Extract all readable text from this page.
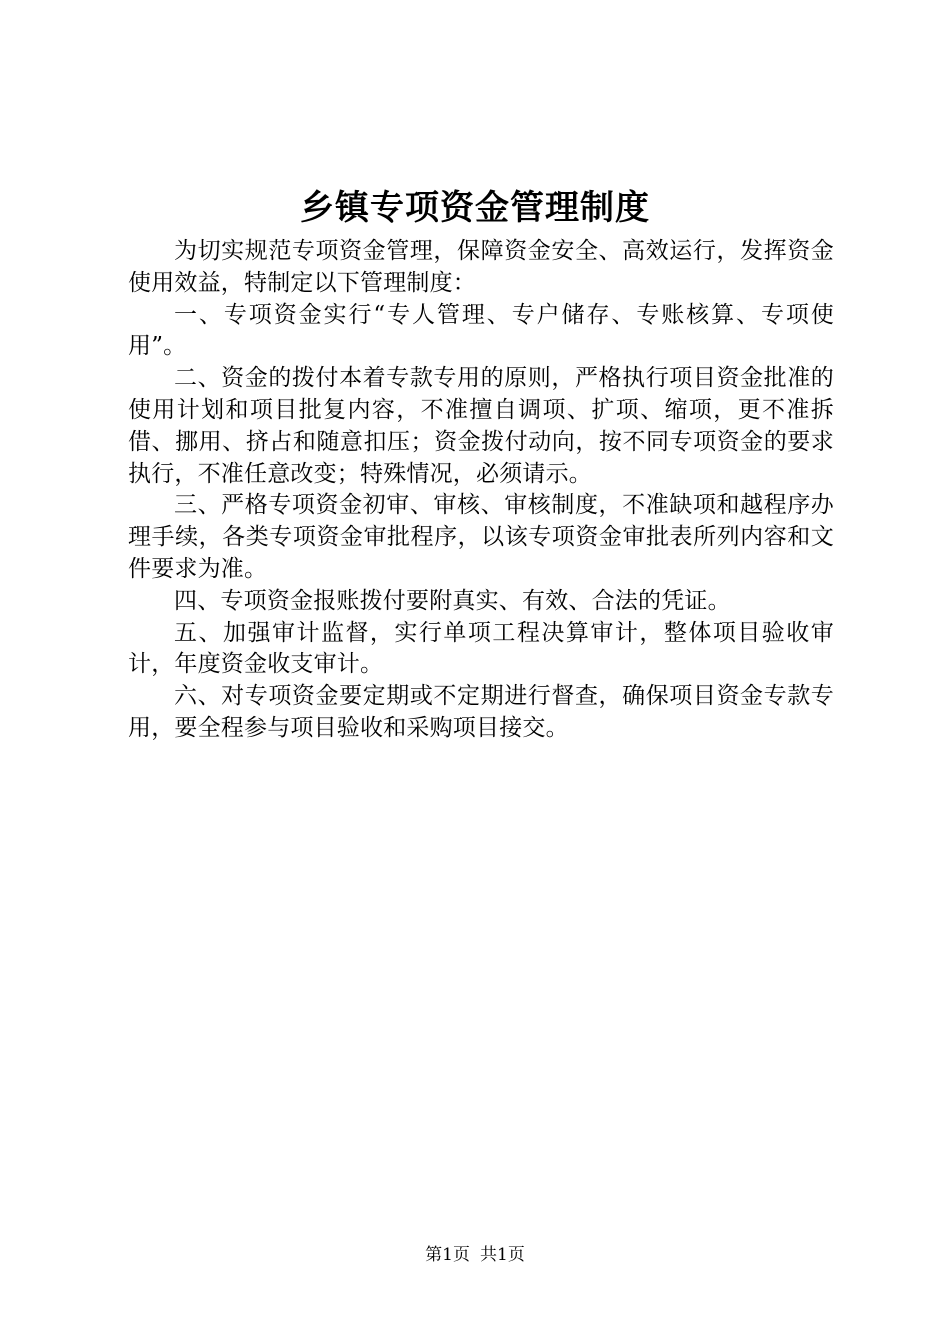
乡镇专项资金管理制度

为切实规范专项资金管理，保障资金安全、高效运行，发挥资金使用效益，特制定以下管理制度：

一、专项资金实行“专人管理、专户储存、专账核算、专项使用”。

二、资金的拨付本着专款专用的原则，严格执行项目资金批准的使用计划和项目批复内容，不准擅自调项、扩项、缩项，更不准拆借、挪用、挤占和随意扣压；资金拨付动向，按不同专项资金的要求执行，不准任意改变；特殊情况，必须请示。

三、严格专项资金初审、审核、审核制度，不准缺项和越程序办理手续，各类专项资金审批程序，以该专项资金审批表所列内容和文件要求为准。

四、专项资金报账拨付要附真实、有效、合法的凭证。

五、加强审计监督，实行单项工程决算审计，整体项目验收审计，年度资金收支审计。

六、对专项资金要定期或不定期进行督查，确保项目资金专款专用，要全程参与项目验收和采购项目接交。

第1页 共1页
